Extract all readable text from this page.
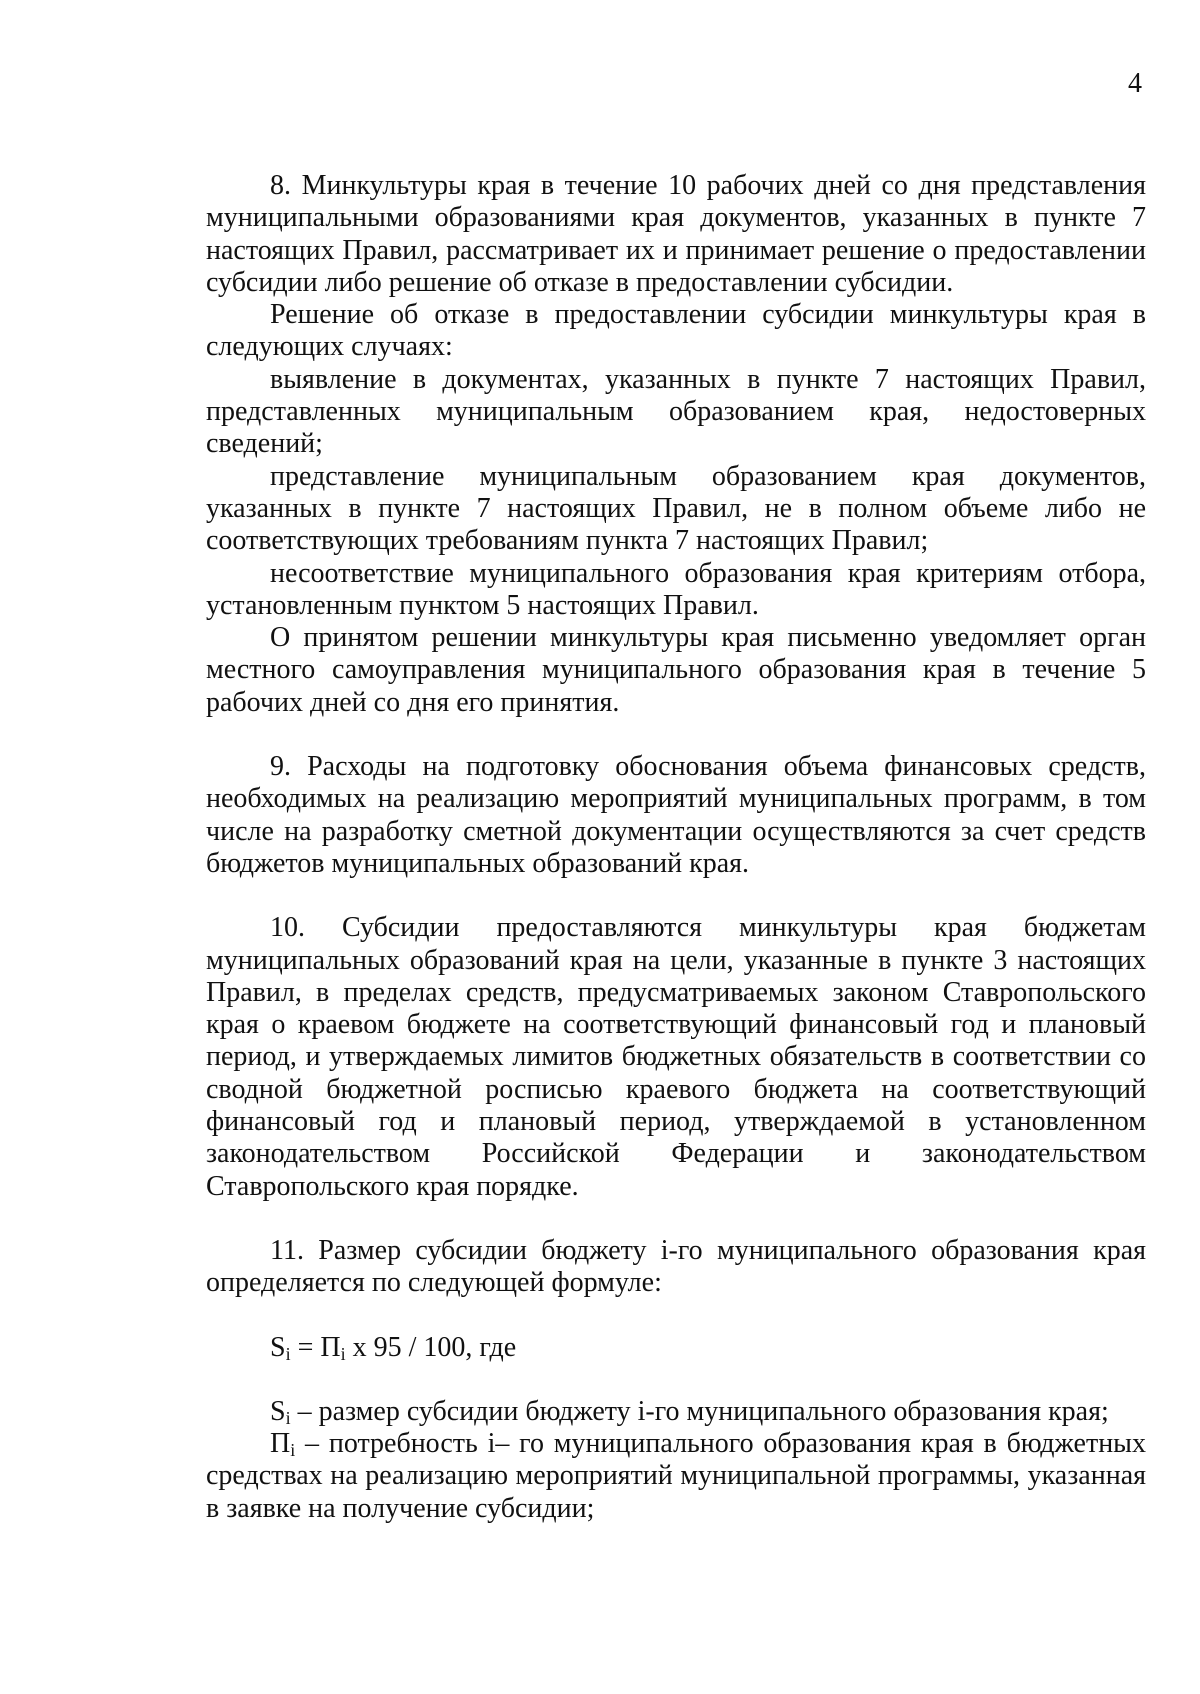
4

8. Минкультуры края в течение 10 рабочих дней со дня представления муниципальными образованиями края документов, указанных в пункте 7 настоящих Правил, рассматривает их и принимает решение о предоставлении субсидии либо решение об отказе в предоставлении субсидии.

Решение об отказе в предоставлении субсидии минкультуры края в следующих случаях:

выявление в документах, указанных в пункте 7 настоящих Правил, представленных муниципальным образованием края, недостоверных сведений;

представление муниципальным образованием края документов, указанных в пункте 7 настоящих Правил, не в полном объеме либо не соответствующих требованиям пункта 7 настоящих Правил;

несоответствие муниципального образования края критериям отбора, установленным пунктом 5 настоящих Правил.

О принятом решении минкультуры края письменно уведомляет орган местного самоуправления муниципального образования края в течение 5 рабочих дней со дня его принятия.

9. Расходы на подготовку обоснования объема финансовых средств, необходимых на реализацию мероприятий муниципальных программ, в том числе на разработку сметной документации осуществляются за счет средств бюджетов муниципальных образований края.

10. Субсидии предоставляются минкультуры края бюджетам муниципальных образований края на цели, указанные в пункте 3 настоящих Правил, в пределах средств, предусматриваемых законом Ставропольского края о краевом бюджете на соответствующий финансовый год и плановый период, и утверждаемых лимитов бюджетных обязательств в соответствии со сводной бюджетной росписью краевого бюджета на соответствующий финансовый год и плановый период, утверждаемой в установленном законодательством Российской Федерации и законодательством Ставропольского края порядке.

11. Размер субсидии бюджету i-го муниципального образования края определяется по следующей формуле:

$S_i = П_i$ х 95 / 100, где

$S_i$ – размер субсидии бюджету i-го муниципального образования края;

$П_i$ – потребность i– го муниципального образования края в бюджетных средствах на реализацию мероприятий муниципальной программы, указанная в заявке на получение субсидии;
